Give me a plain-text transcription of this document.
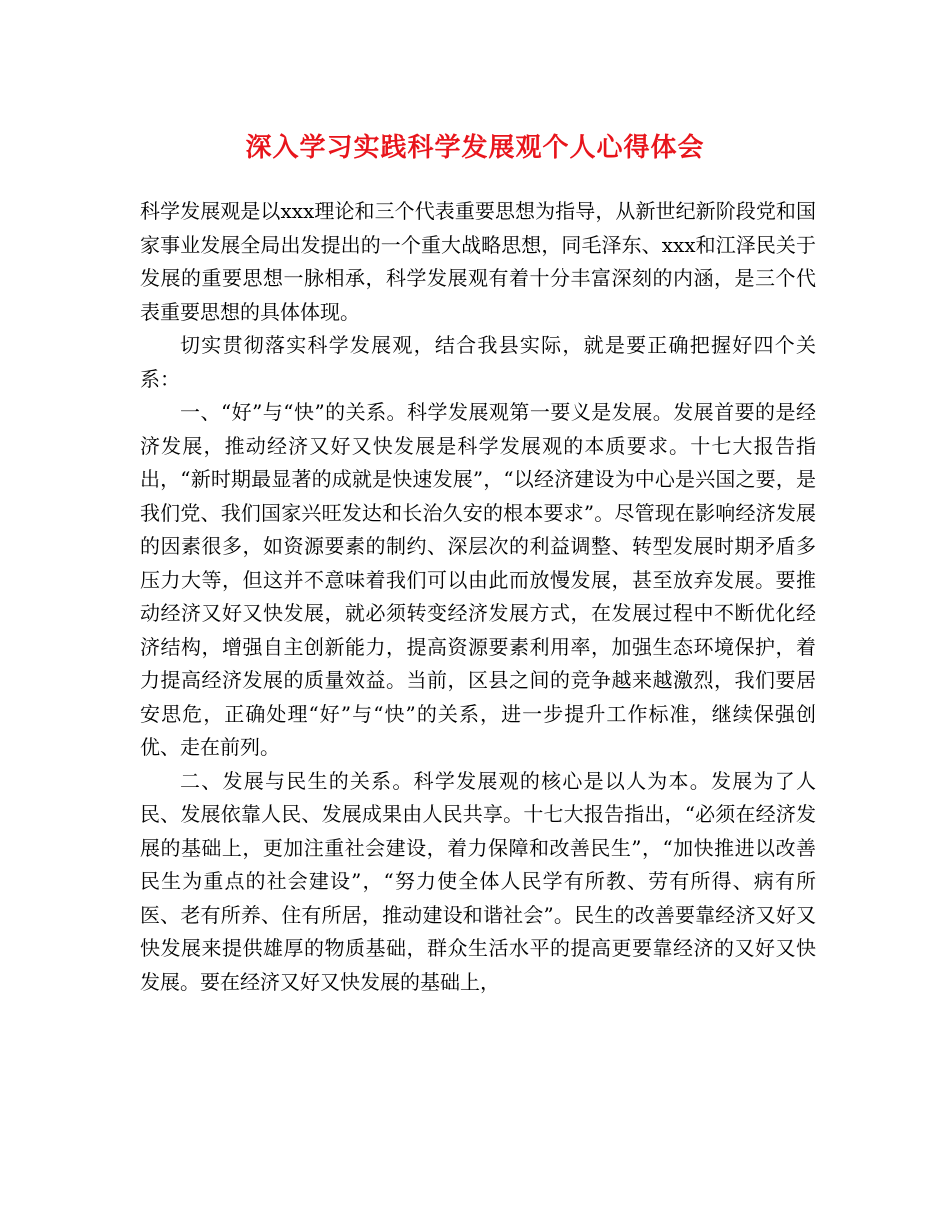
深入学习实践科学发展观个人心得体会

科学发展观是以xxx理论和三个代表重要思想为指导，从新世纪新阶段党和国家事业发展全局出发提出的一个重大战略思想，同毛泽东、xxx和江泽民关于发展的重要思想一脉相承，科学发展观有着十分丰富深刻的内涵，是三个代表重要思想的具体体现。

切实贯彻落实科学发展观，结合我县实际，就是要正确把握好四个关系：

一、“好”与“快”的关系。科学发展观第一要义是发展。发展首要的是经济发展，推动经济又好又快发展是科学发展观的本质要求。十七大报告指出，“新时期最显著的成就是快速发展”，“以经济建设为中心是兴国之要，是我们党、我们国家兴旺发达和长治久安的根本要求”。尽管现在影响经济发展的因素很多，如资源要素的制约、深层次的利益调整、转型发展时期矛盾多压力大等，但这并不意味着我们可以由此而放慢发展，甚至放弃发展。要推动经济又好又快发展，就必须转变经济发展方式，在发展过程中不断优化经济结构，增强自主创新能力，提高资源要素利用率，加强生态环境保护，着力提高经济发展的质量效益。当前，区县之间的竞争越来越激烈，我们要居安思危，正确处理“好”与“快”的关系，进一步提升工作标准，继续保强创优、走在前列。

二、发展与民生的关系。科学发展观的核心是以人为本。发展为了人民、发展依靠人民、发展成果由人民共享。十七大报告指出，“必须在经济发展的基础上，更加注重社会建设，着力保障和改善民生”，“加快推进以改善民生为重点的社会建设”，“努力使全体人民学有所教、劳有所得、病有所医、老有所养、住有所居，推动建设和谐社会”。民生的改善要靠经济又好又快发展来提供雄厚的物质基础，群众生活水平的提高更要靠经济的又好又快发展。要在经济又好又快发展的基础上，
